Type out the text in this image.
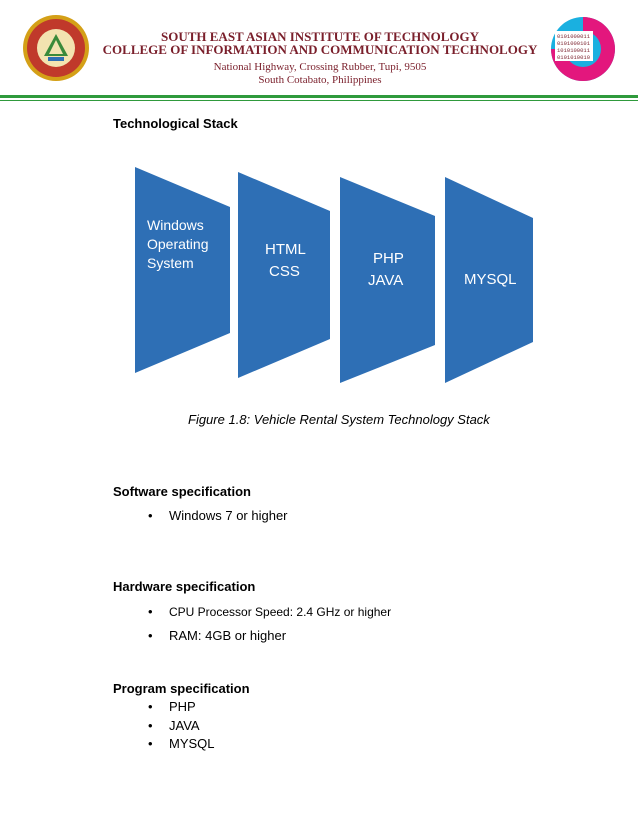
SOUTH EAST ASIAN INSTITUTE OF TECHNOLOGY
COLLEGE OF INFORMATION AND COMMUNICATION TECHNOLOGY
National Highway, Crossing Rubber, Tupi, 9505
South Cotabato, Philippines
0101000011
0101000101
1010100011
0101010010
Technological Stack
Windows
Operating
System
HTML
CSS
PHP
JAVA	MYSQL
Figure 1.8: Vehicle Rental System Technology Stack
Software specification
• Windows 7 or higher
Hardware specification
• CPU Processor Speed: 2.4 GHz or higher
• RAM: 4GB or higher
Program specification
• PHP
• JAVA
• MYSQL
